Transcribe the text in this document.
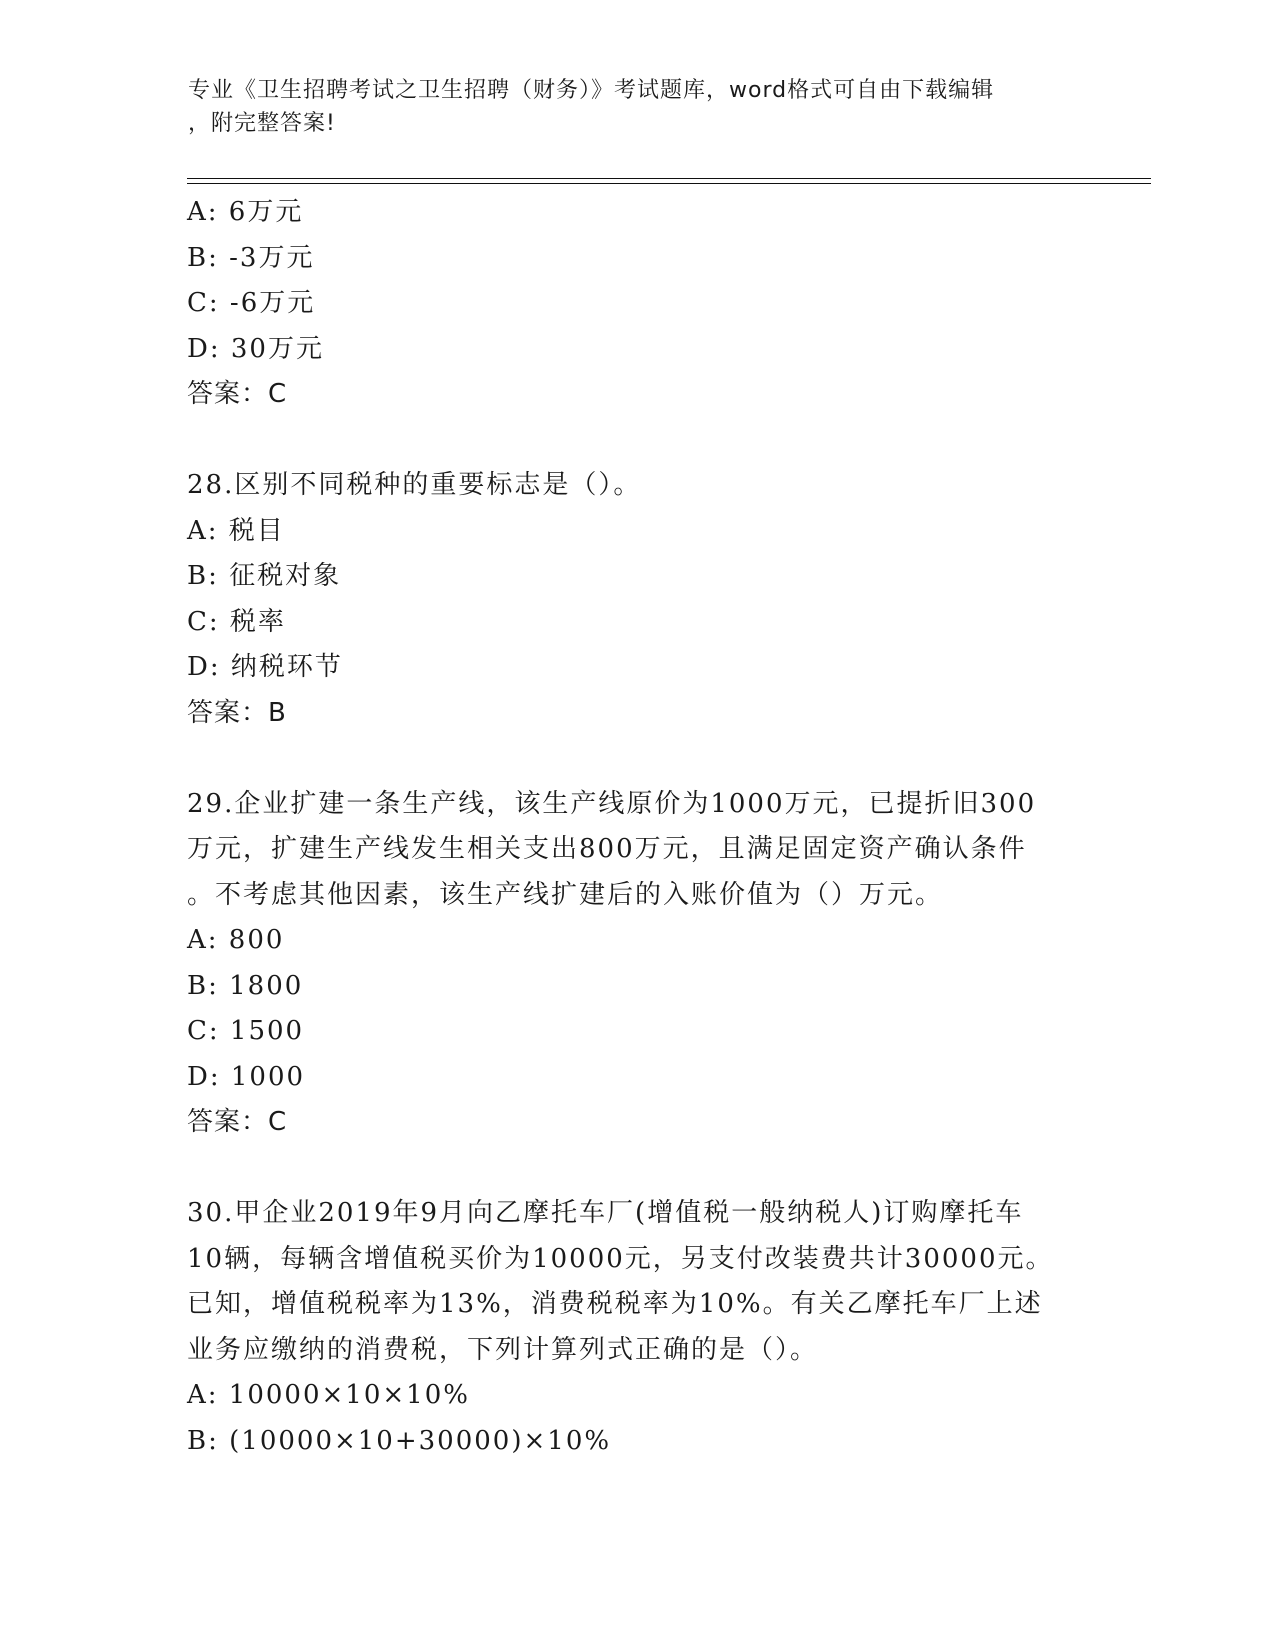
专业《卫生招聘考试之卫生招聘（财务）》考试题库，word格式可自由下载编辑
，附完整答案!
A: 6万元
B: -3万元
C: -6万元
D: 30万元
答案：C
28.区别不同税种的重要标志是（）。
A: 税目
B: 征税对象
C: 税率
D: 纳税环节
答案：B
29.企业扩建一条生产线，该生产线原价为1000万元，已提折旧300
万元，扩建生产线发生相关支出800万元，且满足固定资产确认条件
。不考虑其他因素，该生产线扩建后的入账价值为（）万元。
A: 800
B: 1800
C: 1500
D: 1000
答案：C
30.甲企业2019年9月向乙摩托车厂(增值税一般纳税人)订购摩托车
10辆，每辆含增值税买价为10000元，另支付改装费共计30000元。
已知，增值税税率为13%，消费税税率为10%。有关乙摩托车厂上述
业务应缴纳的消费税，下列计算列式正确的是（）。
A: 10000×10×10%
B: (10000×10+30000)×10%
